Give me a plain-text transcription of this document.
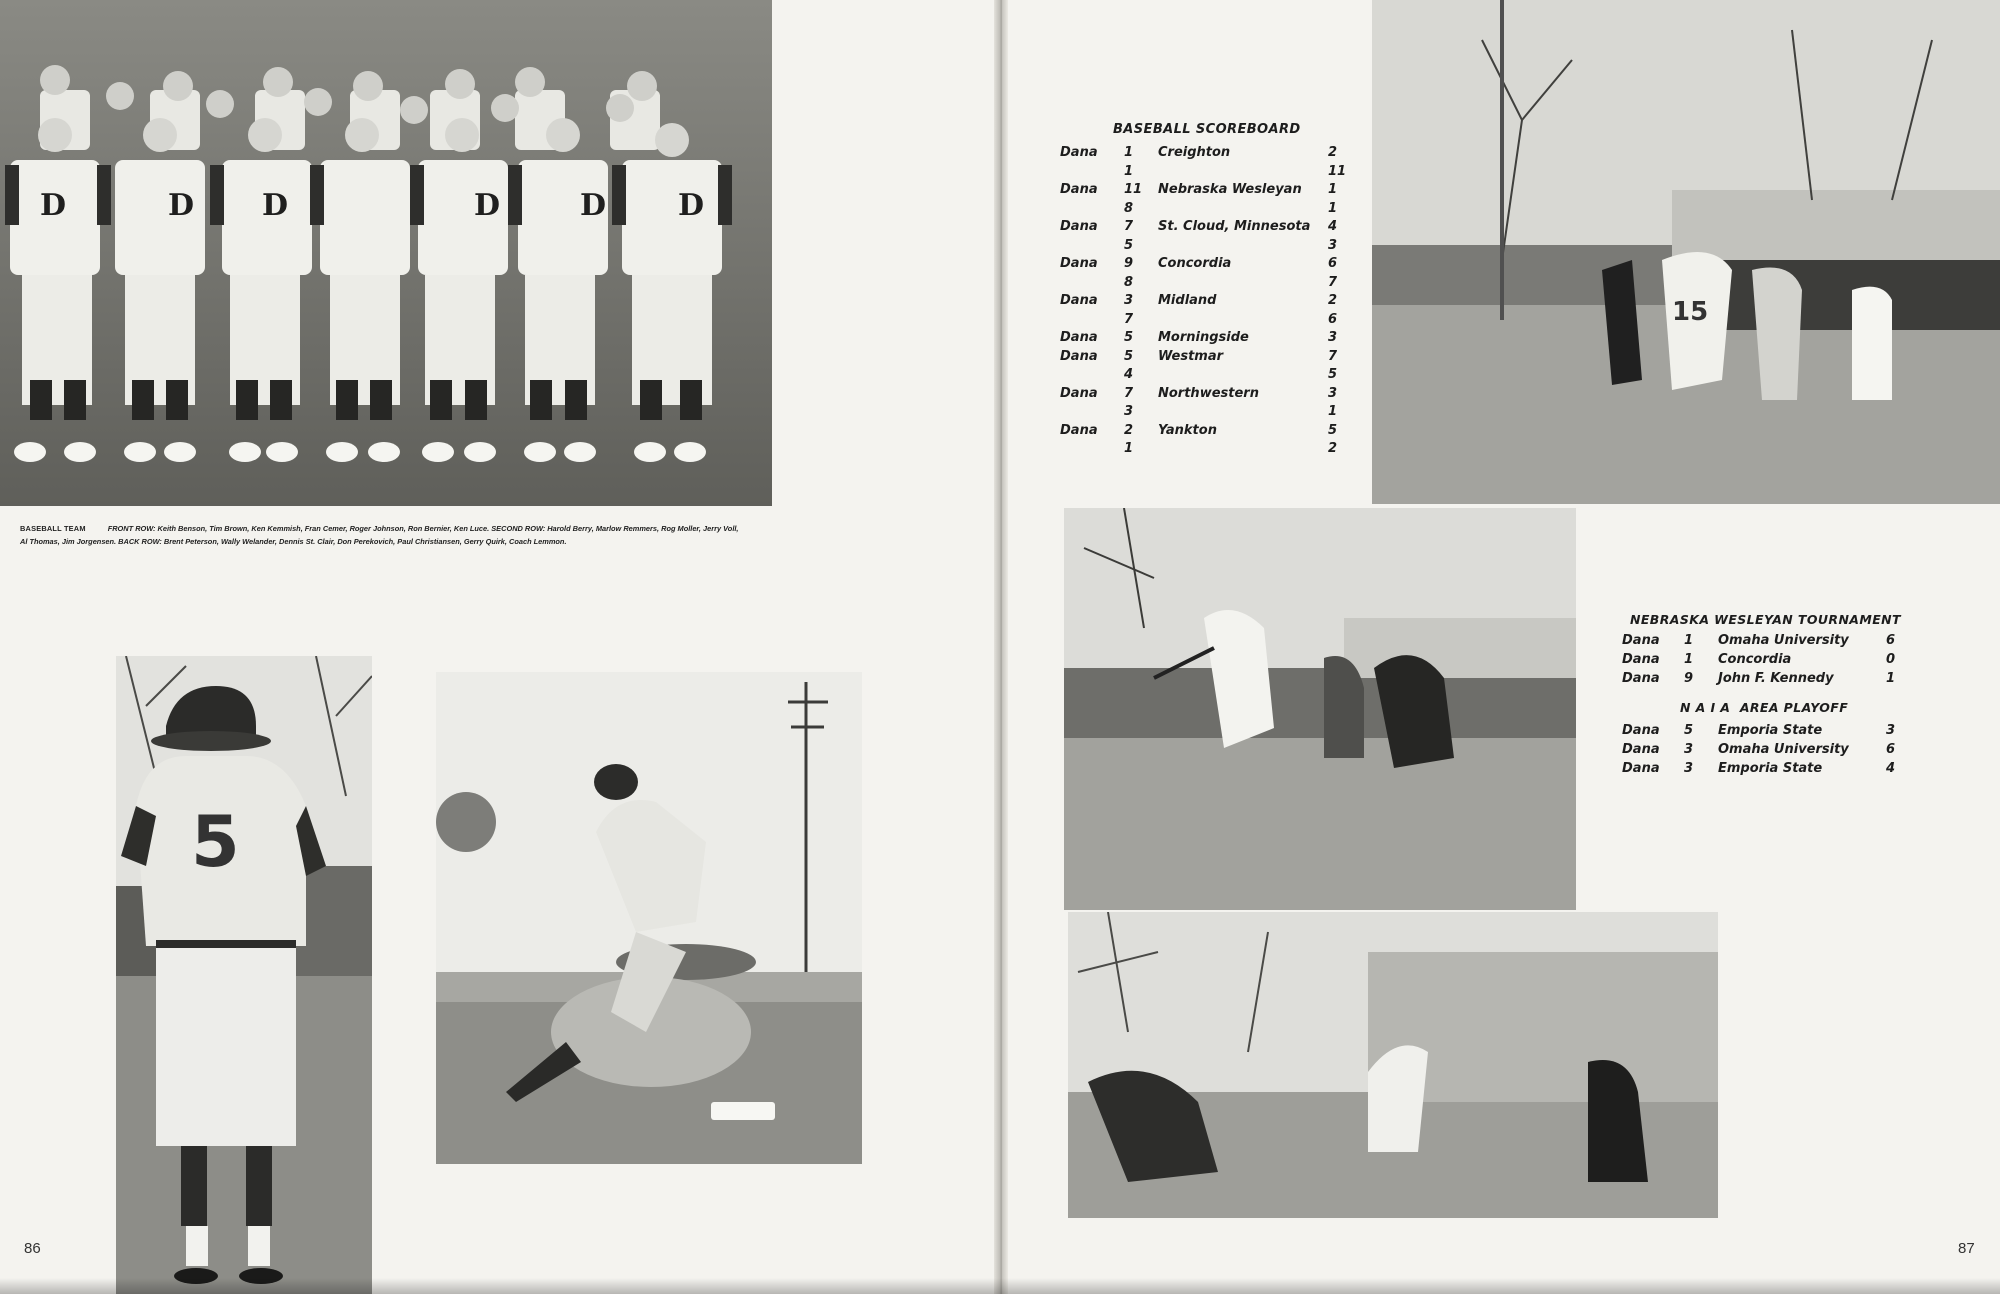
D	D D	D	D D
BASEBALL TEAM	FRONT ROW: Keith Benson, Tim Brown, Ken Kemmish, Fran Cemer, Roger Johnson, Ron Bernier, Ken Luce. SECOND ROW: Harold Berry, Marlow Remmers, Rog Moller, Jerry Voll, Al Thomas, Jim Jorgensen. BACK ROW: Brent Peterson, Wally Welander, Dennis St. Clair, Don Perekovich, Paul Christiansen, Gerry Quirk, Coach Lemmon.
5
86
BASEBALL SCOREBOARD
Dana 1 Creighton	2
1	11
Dana 11 Nebraska Wesleyan 1
8	1
Dana 7 St. Cloud, Minnesota 4
5	3
Dana 9 Concordia	6
8	7
Dana 3 Midland	2
7	6
Dana 5 Morningside	3
Dana 5 Westmar	7
4	5
Dana 7 Northwestern	3
3	1
Dana 2 Yankton	5
1	2
15
NEBRASKA WESLEYAN TOURNAMENT
Dana 1 Omaha University	6
Dana 1 Concordia	0
Dana 9 John F. Kennedy	1
N A I A  AREA PLAYOFF
Dana 5 Emporia State	3
Dana 3 Omaha University	6
Dana 3 Emporia State	4
87
